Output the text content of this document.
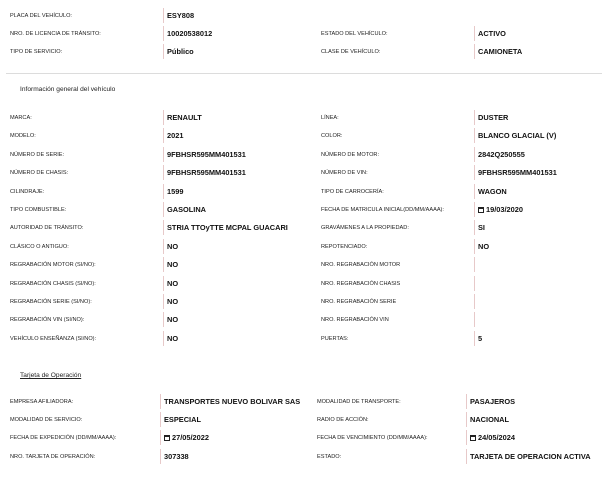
PLACA DEL VEHÍCULO:	ESY808
NRO. DE LICENCIA DE TRÁNSITO:	10020538012	ESTADO DEL VEHÍCULO:	ACTIVO
TIPO DE SERVICIO:	Público	CLASE DE VEHÍCULO:	CAMIONETA
Información general del vehículo
MARCA:	RENAULT	LÍNEA:	DUSTER
MODELO:	2021	COLOR:	BLANCO GLACIAL (V)
NÚMERO DE SERIE:	9FBHSR595MM401531	NÚMERO DE MOTOR:	2842Q250555
NÚMERO DE CHASIS:	9FBHSR595MM401531	NÚMERO DE VIN:	9FBHSR595MM401531
CILINDRAJE:	1599	TIPO DE CARROCERÍA:	WAGON
TIPO COMBUSTIBLE:	GASOLINA	FECHA DE MATRICULA INICIAL(DD/MM/AAAA):	19/03/2020
AUTORIDAD DE TRÁNSITO:	STRIA TTOyTTE MCPAL GUACARI	GRAVÁMENES A LA PROPIEDAD:	SI
CLÁSICO O ANTIGUO:	NO	REPOTENCIADO:	NO
REGRABACIÓN MOTOR (SI/NO):	NO	NRO. REGRABACIÓN MOTOR
REGRABACIÓN CHASIS (SI/NO):	NO	NRO. REGRABACIÓN CHASIS
REGRABACIÓN SERIE (SI/NO):	NO	NRO. REGRABACIÓN SERIE
REGRABACIÓN VIN (SI/NO):	NO	NRO. REGRABACIÓN VIN
VEHÍCULO ENSEÑANZA (SI/NO):	NO	PUERTAS:	5
Tarjeta de Operación
EMPRESA AFILIADORA:	TRANSPORTES NUEVO BOLIVAR SAS	MODALIDAD DE TRANSPORTE:	PASAJEROS
MODALIDAD DE SERVICIO:	ESPECIAL	RADIO DE ACCIÓN:	NACIONAL
FECHA DE EXPEDICIÓN (DD/MM/AAAA):	27/05/2022	FECHA DE VENCIMIENTO (DD/MM/AAAA):	24/05/2024
NRO. TARJETA DE OPERACIÓN:	307338	ESTADO:	TARJETA DE OPERACION ACTIVA
